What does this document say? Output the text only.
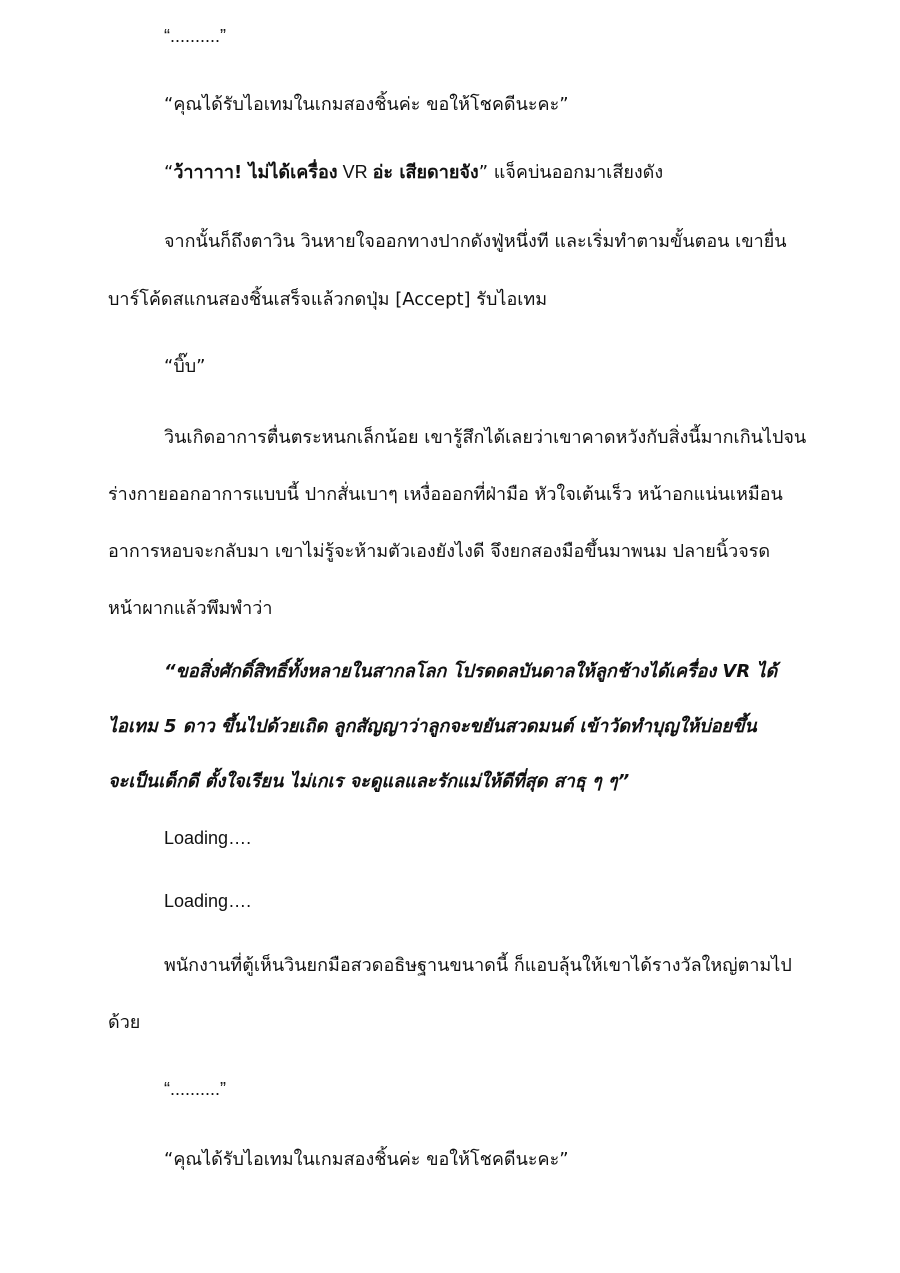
“..........”

“คุณได้รับไอเทมในเกมสองชิ้นค่ะ ขอให้โชคดีนะคะ”

“ว้าาาาา! ไม่ได้เครื่อง VR อ่ะ เสียดายจัง” แจ็คบ่นออกมาเสียงดัง

จากนั้นก็ถึงตาวิน วินหายใจออกทางปากดังฟู่หนึ่งที และเริ่มทำตามขั้นตอน เขายื่น

บาร์โค้ดสแกนสองชิ้นเสร็จแล้วกดปุ่ม [Accept] รับไอเทม

“บิ๊บ”

วินเกิดอาการตื่นตระหนกเล็กน้อย เขารู้สึกได้เลยว่าเขาคาดหวังกับสิ่งนี้มากเกินไปจน

ร่างกายออกอาการแบบนี้ ปากสั่นเบาๆ เหงื่อออกที่ฝ่ามือ หัวใจเต้นเร็ว หน้าอกแน่นเหมือน

อาการหอบจะกลับมา เขาไม่รู้จะห้ามตัวเองยังไงดี จึงยกสองมือขึ้นมาพนม ปลายนิ้วจรด

หน้าผากแล้วพึมพำว่า

“ขอสิ่งศักดิ์สิทธิ์ทั้งหลายในสากลโลก โปรดดลบันดาลให้ลูกช้างได้เครื่อง VR ได้

ไอเทม 5 ดาว ขึ้นไปด้วยเถิด ลูกสัญญาว่าลูกจะขยันสวดมนต์ เข้าวัดทำบุญให้บ่อยขึ้น

จะเป็นเด็กดี ตั้งใจเรียน ไม่เกเร จะดูแลและรักแม่ให้ดีที่สุด สาธุ ๆ ๆ”

Loading….

Loading….

พนักงานที่ตู้เห็นวินยกมือสวดอธิษฐานขนาดนี้ ก็แอบลุ้นให้เขาได้รางวัลใหญ่ตามไป

ด้วย

“..........”

“คุณได้รับไอเทมในเกมสองชิ้นค่ะ ขอให้โชคดีนะคะ”
